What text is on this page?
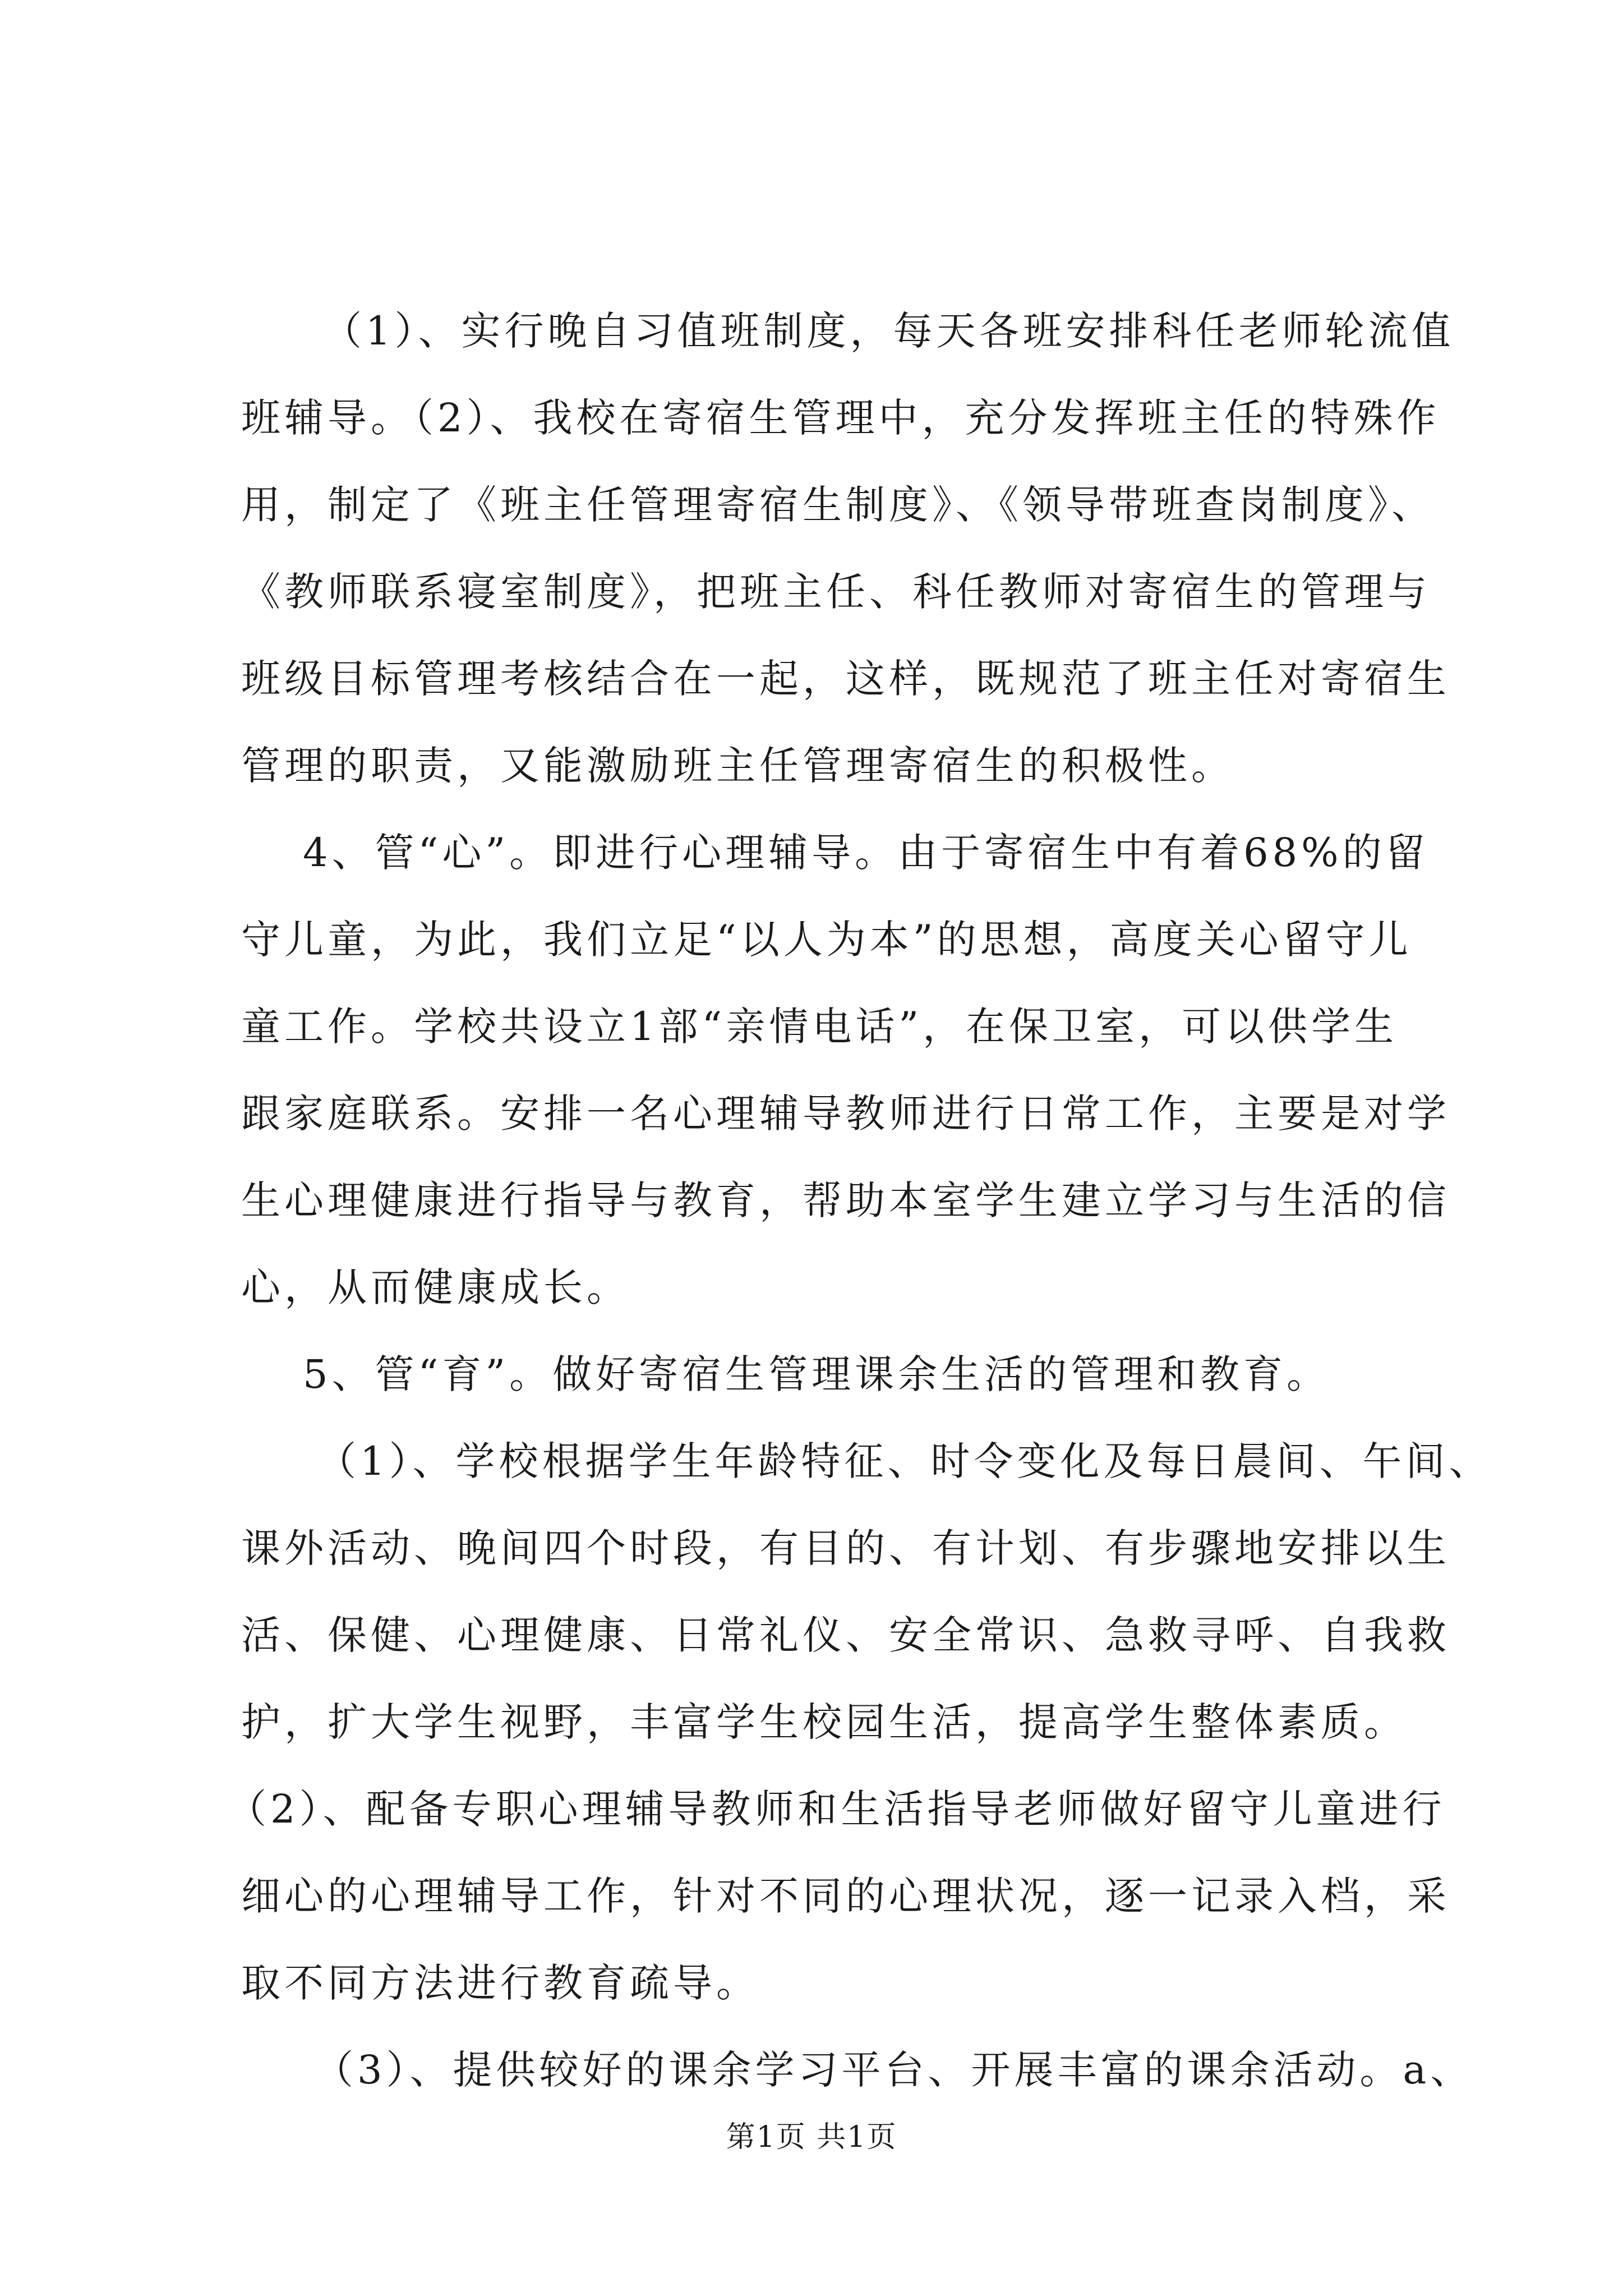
（1）、实行晚自习值班制度，每天各班安排科任老师轮流值
班辅导。（2）、我校在寄宿生管理中，充分发挥班主任的特殊作
用，制定了《班主任管理寄宿生制度》、《领导带班查岗制度》、
《教师联系寝室制度》，把班主任、科任教师对寄宿生的管理与
班级目标管理考核结合在一起，这样，既规范了班主任对寄宿生
管理的职责，又能激励班主任管理寄宿生的积极性。
4、管“心”。即进行心理辅导。由于寄宿生中有着68%的留
守儿童，为此，我们立足“以人为本”的思想，高度关心留守儿
童工作。学校共设立1部“亲情电话”，在保卫室，可以供学生
跟家庭联系。安排一名心理辅导教师进行日常工作，主要是对学
生心理健康进行指导与教育，帮助本室学生建立学习与生活的信
心，从而健康成长。
5、管“育”。做好寄宿生管理课余生活的管理和教育。
（1）、学校根据学生年龄特征、时令变化及每日晨间、午间、
课外活动、晚间四个时段，有目的、有计划、有步骤地安排以生
活、保健、心理健康、日常礼仪、安全常识、急救寻呼、自我救
护，扩大学生视野，丰富学生校园生活，提高学生整体素质。
（2）、配备专职心理辅导教师和生活指导老师做好留守儿童进行
细心的心理辅导工作，针对不同的心理状况，逐一记录入档，采
取不同方法进行教育疏导。
（3）、提供较好的课余学习平台、开展丰富的课余活动。a、
第1页 共1页
